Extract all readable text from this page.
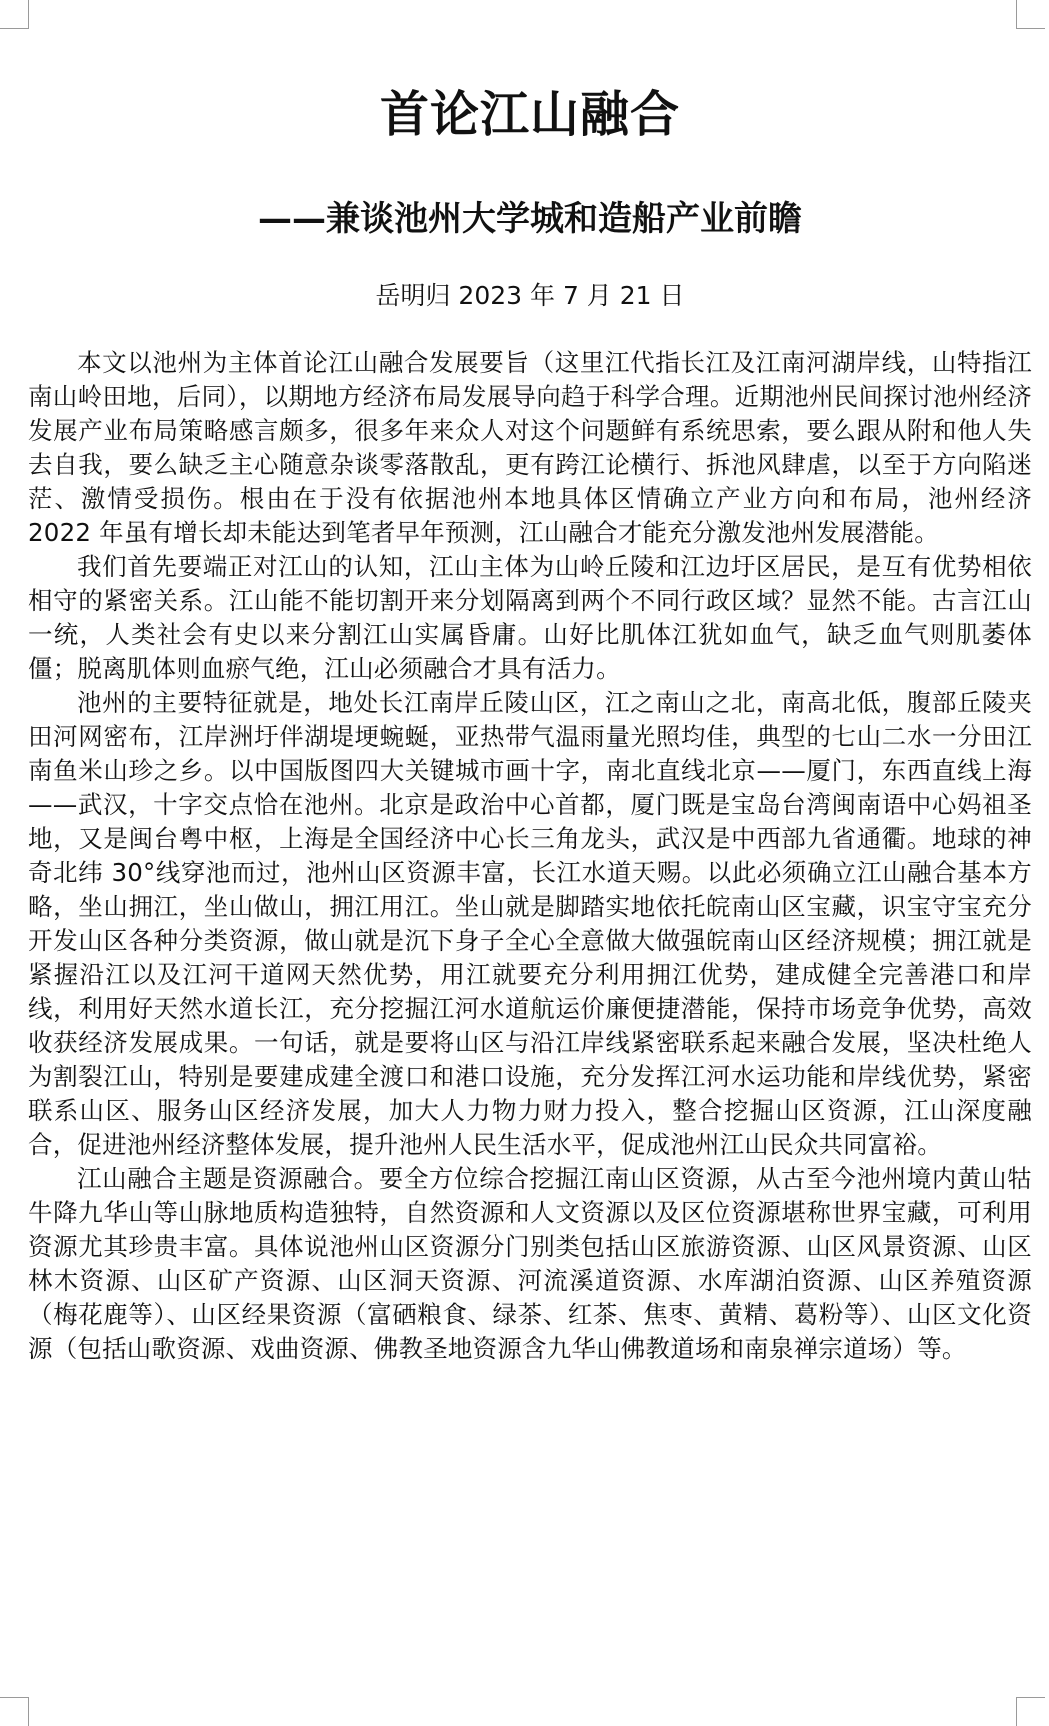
首论江山融合
——兼谈池州大学城和造船产业前瞻

岳明归 2023 年 7 月 21 日

本文以池州为主体首论江山融合发展要旨（这里江代指长江及江南河湖岸线，山特指江南山岭田地，后同），以期地方经济布局发展导向趋于科学合理。近期池州民间探讨池州经济发展产业布局策略感言颇多，很多年来众人对这个问题鲜有系统思索，要么跟从附和他人失去自我，要么缺乏主心随意杂谈零落散乱，更有跨江论横行、拆池风肆虐，以至于方向陷迷茫、激情受损伤。根由在于没有依据池州本地具体区情确立产业方向和布局，池州经济 2022 年虽有增长却未能达到笔者早年预测，江山融合才能充分激发池州发展潜能。

我们首先要端正对江山的认知，江山主体为山岭丘陵和江边圩区居民，是互有优势相依相守的紧密关系。江山能不能切割开来分划隔离到两个不同行政区域？显然不能。古言江山一统，人类社会有史以来分割江山实属昏庸。山好比肌体江犹如血气，缺乏血气则肌萎体僵；脱离肌体则血瘀气绝，江山必须融合才具有活力。

池州的主要特征就是，地处长江南岸丘陵山区，江之南山之北，南高北低，腹部丘陵夹田河网密布，江岸洲圩伴湖堤埂蜿蜒，亚热带气温雨量光照均佳，典型的七山二水一分田江南鱼米山珍之乡。以中国版图四大关键城市画十字，南北直线北京——厦门，东西直线上海——武汉，十字交点恰在池州。北京是政治中心首都，厦门既是宝岛台湾闽南语中心妈祖圣地，又是闽台粤中枢，上海是全国经济中心长三角龙头，武汉是中西部九省通衢。地球的神奇北纬 30°线穿池而过，池州山区资源丰富，长江水道天赐。以此必须确立江山融合基本方略，坐山拥江，坐山做山，拥江用江。坐山就是脚踏实地依托皖南山区宝藏，识宝守宝充分开发山区各种分类资源，做山就是沉下身子全心全意做大做强皖南山区经济规模；拥江就是紧握沿江以及江河干道网天然优势，用江就要充分利用拥江优势，建成健全完善港口和岸线，利用好天然水道长江，充分挖掘江河水道航运价廉便捷潜能，保持市场竞争优势，高效收获经济发展成果。一句话，就是要将山区与沿江岸线紧密联系起来融合发展，坚决杜绝人为割裂江山，特别是要建成建全渡口和港口设施，充分发挥江河水运功能和岸线优势，紧密联系山区、服务山区经济发展，加大人力物力财力投入，整合挖掘山区资源，江山深度融合，促进池州经济整体发展，提升池州人民生活水平，促成池州江山民众共同富裕。

江山融合主题是资源融合。要全方位综合挖掘江南山区资源，从古至今池州境内黄山牯牛降九华山等山脉地质构造独特，自然资源和人文资源以及区位资源堪称世界宝藏，可利用资源尤其珍贵丰富。具体说池州山区资源分门别类包括山区旅游资源、山区风景资源、山区林木资源、山区矿产资源、山区洞天资源、河流溪道资源、水库湖泊资源、山区养殖资源（梅花鹿等）、山区经果资源（富硒粮食、绿茶、红茶、焦枣、黄精、葛粉等）、山区文化资源（包括山歌资源、戏曲资源、佛教圣地资源含九华山佛教道场和南泉禅宗道场）等。
